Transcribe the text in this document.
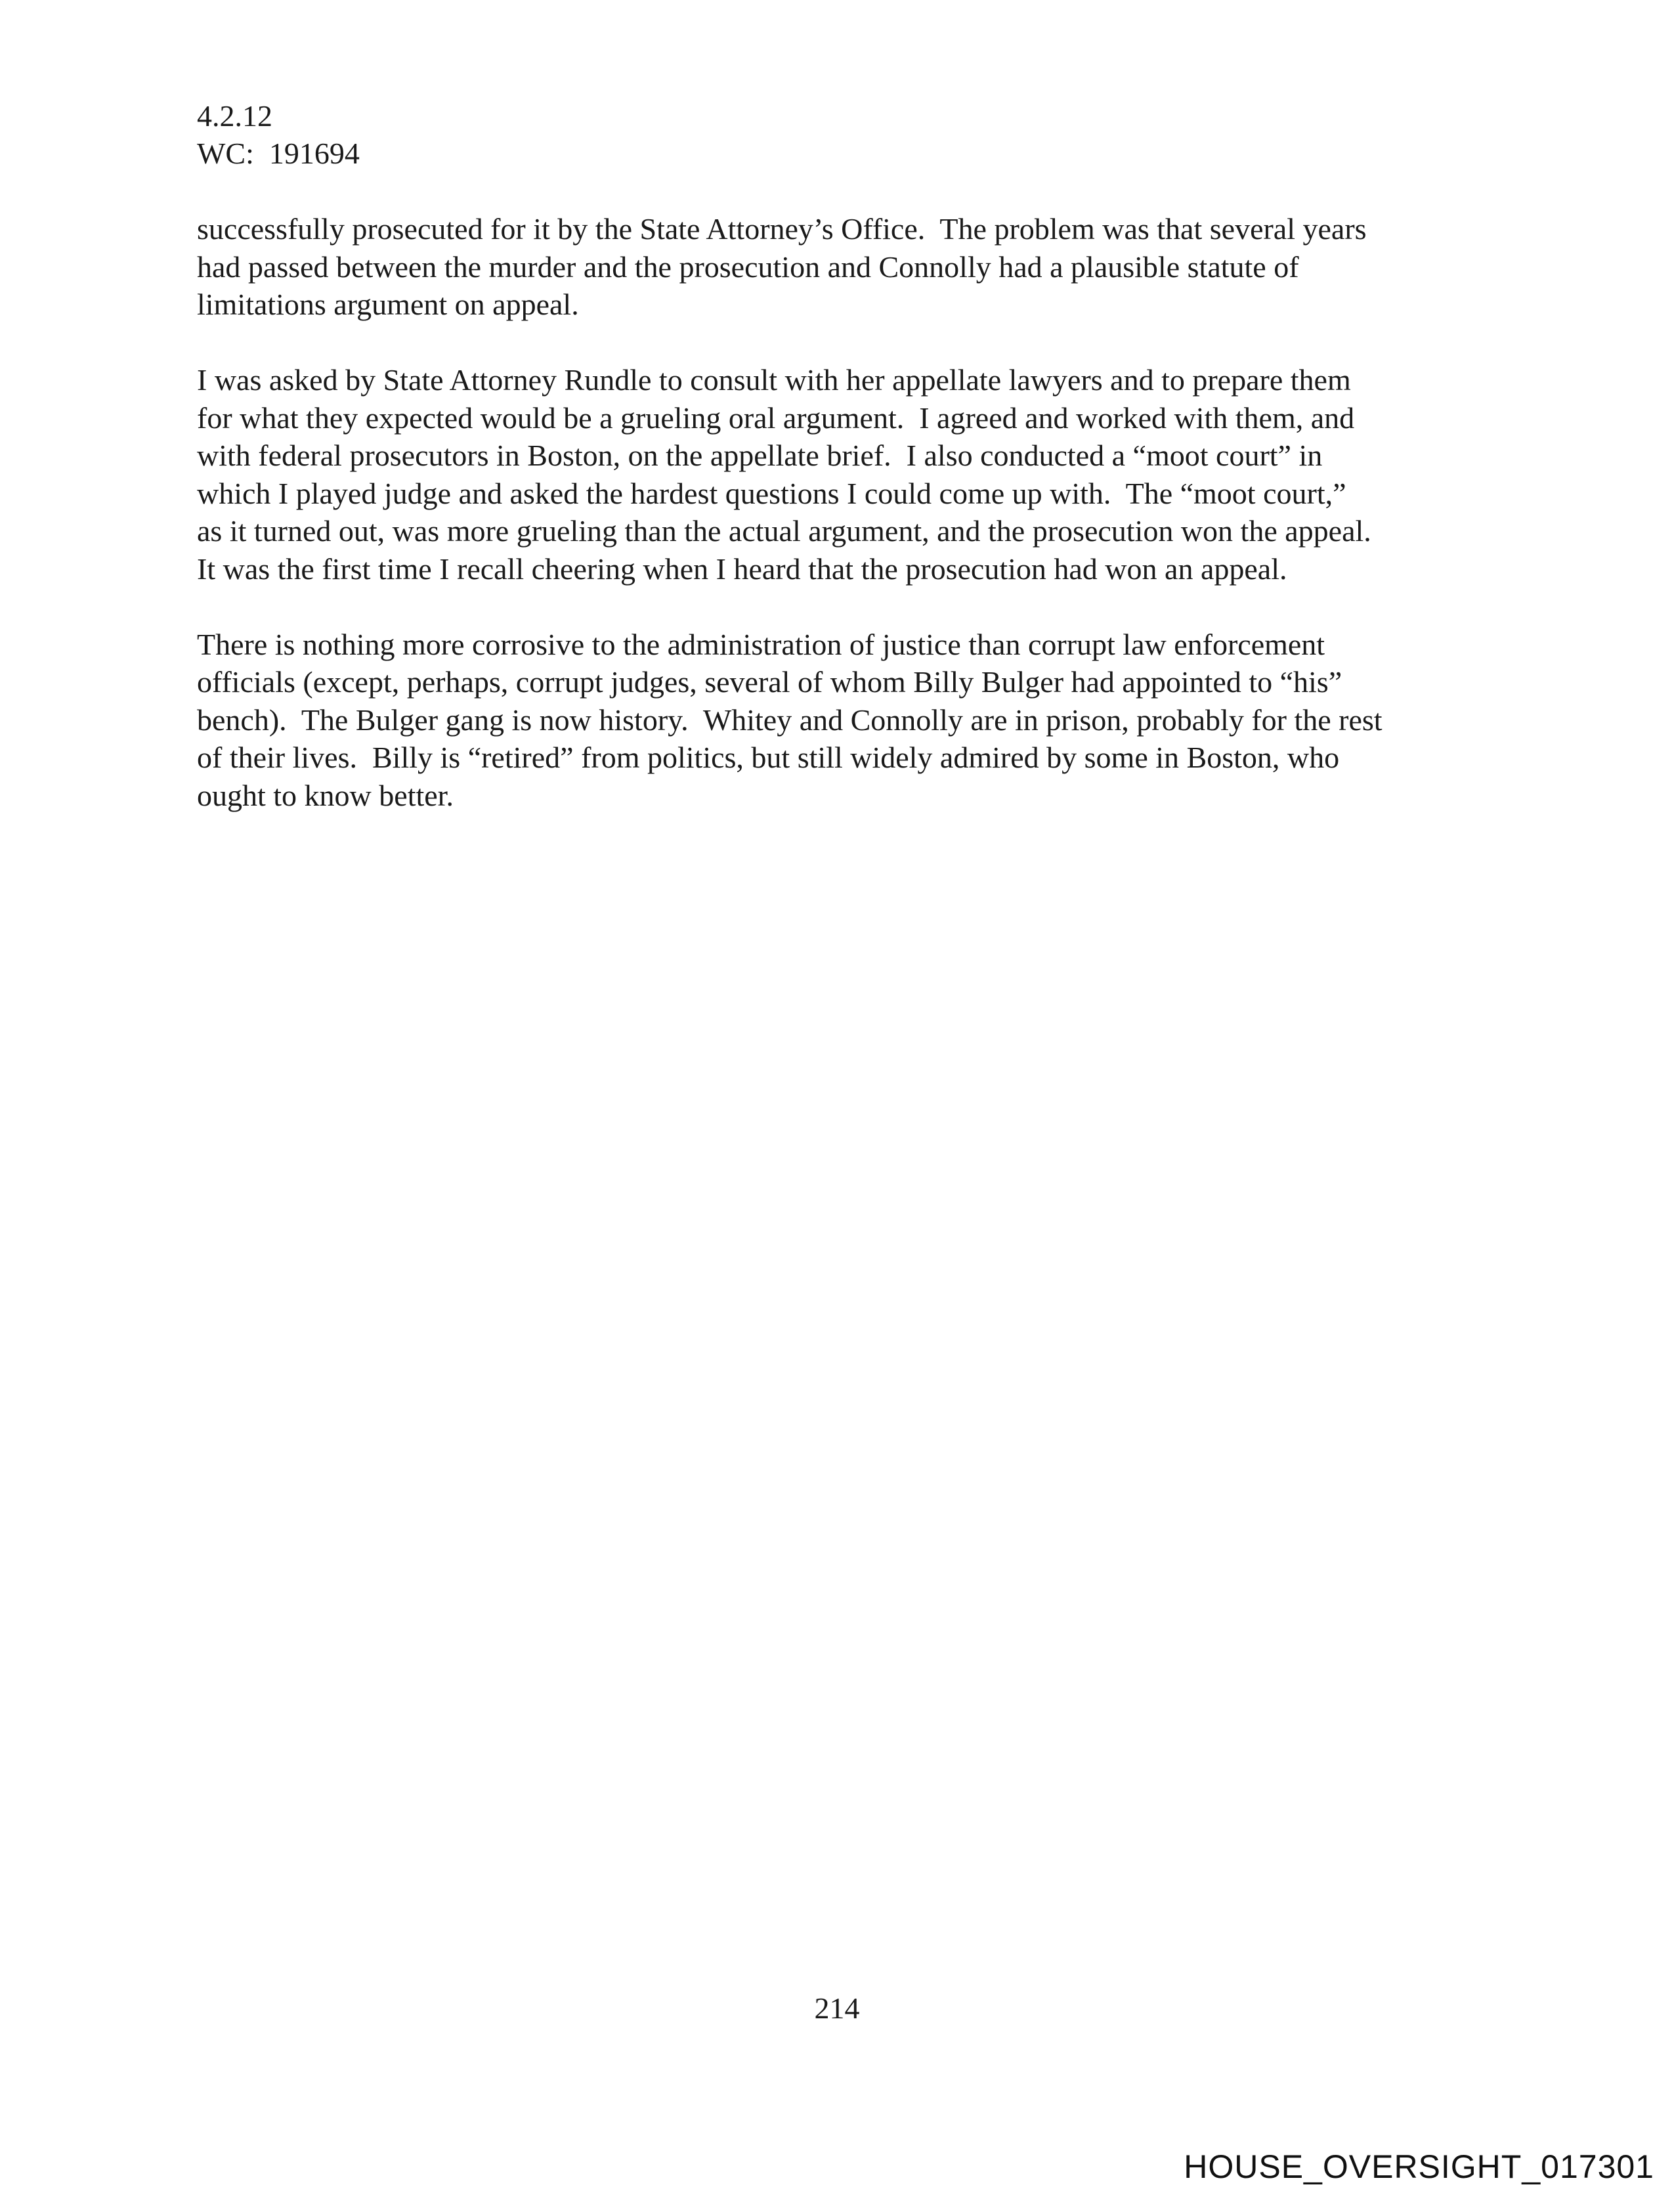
4.2.12
WC:  191694

successfully prosecuted for it by the State Attorney’s Office.  The problem was that several years
had passed between the murder and the prosecution and Connolly had a plausible statute of
limitations argument on appeal.

I was asked by State Attorney Rundle to consult with her appellate lawyers and to prepare them
for what they expected would be a grueling oral argument.  I agreed and worked with them, and
with federal prosecutors in Boston, on the appellate brief.  I also conducted a “moot court” in
which I played judge and asked the hardest questions I could come up with.  The “moot court,”
as it turned out, was more grueling than the actual argument, and the prosecution won the appeal.
It was the first time I recall cheering when I heard that the prosecution had won an appeal.

There is nothing more corrosive to the administration of justice than corrupt law enforcement
officials (except, perhaps, corrupt judges, several of whom Billy Bulger had appointed to “his”
bench).  The Bulger gang is now history.  Whitey and Connolly are in prison, probably for the rest
of their lives.  Billy is “retired” from politics, but still widely admired by some in Boston, who
ought to know better.

214
HOUSE_OVERSIGHT_017301
